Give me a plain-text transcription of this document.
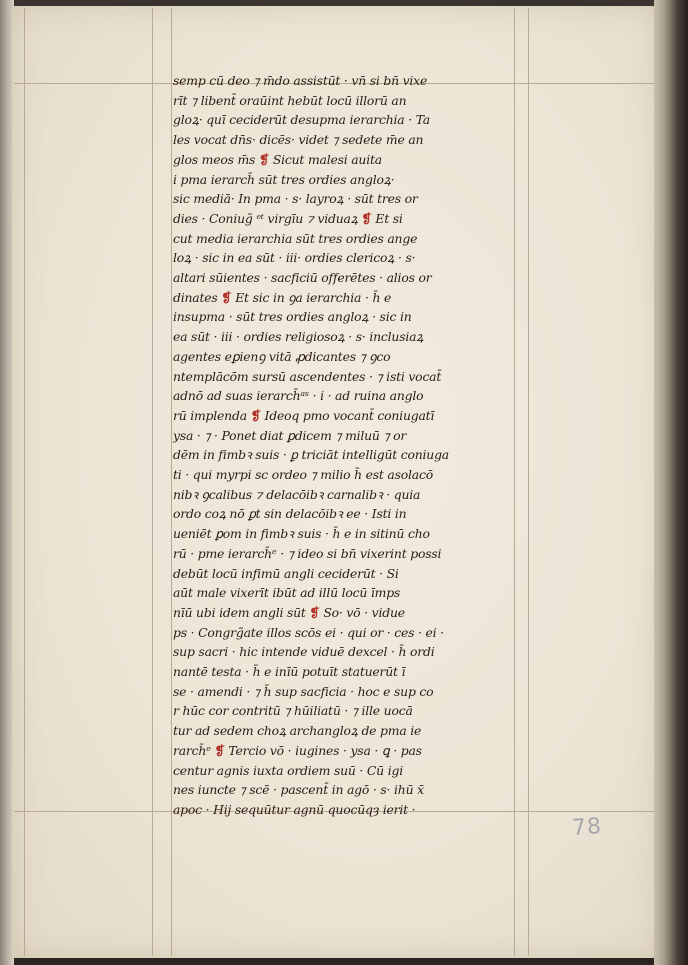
semp cū deo ⁊ m̄do assistūt · vn̄ si bn̄ vixe
rīt ⁊ libent̄ oraūint hebūt locū illorū an
gloꝝ· quī ceciderūt desupma ierarchia · Ta
les vocat dn̄s· dicēs· videt ⁊ sedete m̄e an
glos meos m̄s ❡ Sicut malesi auita
i pma ierarch̄ sūt tres ordies angloꝝ·
sic mediā· In pma · s· layroꝝ · sūt tres or
dies · Coniug̃ ᵉᵗ virgīu ⁊ viduaꝝ ❡ Et si
cut media ierarchia sūt tres ordies ange
loꝝ · sic in ea sūt · iii· ordies clericoꝝ · s·
altari sūientes · sacficiū offerētes · alios or
dinates ❡ Et sic in ꝯa ierarchia · h̄ e
insupma · sūt tres ordies angloꝝ · sic in
ea sūt · iii · ordies religiosoꝝ · s· inclusiaꝝ
agentes eꝑienꝯ vitā ꝓdicantes ⁊ ꝯco
ntemplācōm sursū ascendentes · ⁊ isti vocat̄
adnō ad suas ierarch̄ᵃˢ · i · ad ruina anglo
rū implenda ❡ Ideoq pmo vocant̄ coniugatī
ysa · ⁊ · Ponet diat ꝑdicem ⁊ miluū ⁊ or
dēm in fimbꝛ suis · ꝑ triciāt intelligūt coniuga
ti · qui myrpi sc ordeo ⁊ milio h̄ est asolacō
nibꝛ ꝯcalibus ⁊ delacōibꝛ carnalibꝛ · quia
ordo coꝝ nō ꝑt sin delacōibꝛ ee · Isti in
ueniēt ꝑom in fimbꝛ suis · h̄ e in sitinū cho
rū · pme ierarch̄ᵉ · ⁊ ideo si bn̄ vixerint possi
debūt locū infimū angli ceciderūt · Si
aūt male vixerīt ibūt ad illū locū īmps
nīū ubi idem angli sūt ❡ So· vō · vidue
ps · Congrg̃ate illos scōs ei · qui or · ces · ei ·
sup sacri · hic intende viduē dexcel · h̄ ordi
nantē testa · h̄ e inīū potuīt statuerūt ī
se · amendi · ⁊ h̄ sup sacficia · hoc e sup co
r hūc cor contritū ⁊ hūiliatū · ⁊ ille uocā
tur ad sedem choꝝ archangloꝝ de pma ie
rarch̄ᵉ ❡ Tercio vō · iugines · ysa · ꝗ · pas
centur agnis iuxta ordiem suū · Cū igi
nes iuncte ⁊ scē · pascent̄ in agō · s· ihū x̄
apoc · Hij sequūtur agnū quocūqȝ ierit ·
78
